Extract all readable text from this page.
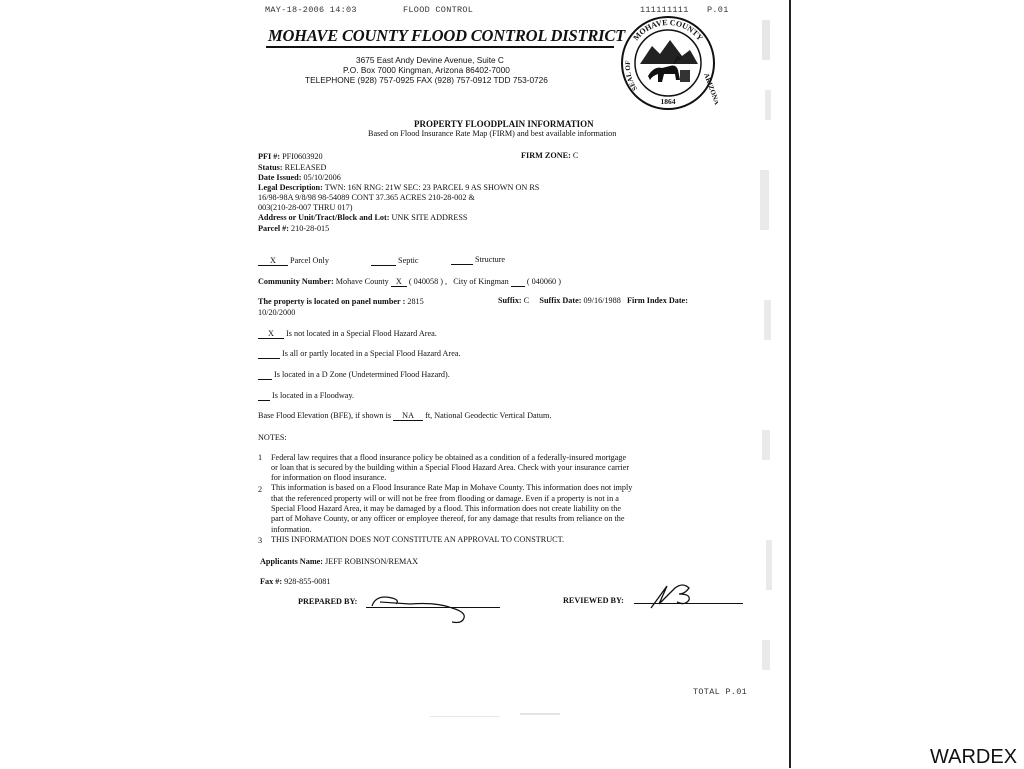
MAY-18-2006 14:03	FLOOD CONTROL	111111111 P.01
MOHAVE COUNTY FLOOD CONTROL DISTRICT
3675 East Andy Devine Avenue, Suite C
P.O. Box 7000 Kingman, Arizona 86402-7000
TELEPHONE (928) 757-0925 FAX (928) 757-0912 TDD 753-0726
MOHAVE COUNTY
SEAL OF
ARIZONA
1864
PROPERTY FLOODPLAIN INFORMATION
Based on Flood Insurance Rate Map (FIRM) and best available information
PFI #: PFI0603920	FIRM ZONE: C
Status: RELEASED
Date Issued: 05/10/2006
Legal Description: TWN: 16N RNG: 21W SEC: 23 PARCEL 9 AS SHOWN ON RS
16/98-98A 9/8/98 98-54089 CONT 37.365 ACRES 210-28-002 &
003(210-28-007 THRU 017)
Address or Unit/Tract/Block and Lot: UNK SITE ADDRESS
Parcel #: 210-28-015
X Parcel Only	Septic	Structure
Community Number: Mohave County X ( 040058 ) , City of Kingman ( 040060 )
The property is located on panel number : 2815	Suffix: C Suffix Date: 09/16/1988 Firm Index Date:
10/20/2000
X Is not located in a Special Flood Hazard Area.
Is all or partly located in a Special Flood Hazard Area.
Is located in a D Zone (Undetermined Flood Hazard).
Is located in a Floodway.
Base Flood Elevation (BFE), if shown is NA ft, National Geodectic Vertical Datum.
NOTES:
1 Federal law requires that a flood insurance policy be obtained as a condition of a federally-insured mortgage
or loan that is secured by the building within a Special Flood Hazard Area. Check with your insurance carrier
for information on flood insurance.
2 This information is based on a Flood Insurance Rate Map in Mohave County. This information does not imply
that the referenced property will or will not be free from flooding or damage. Even if a property is not in a
Special Flood Hazard Area, it may be damaged by a flood. This information does not create liability on the
part of Mohave County, or any officer or employee thereof, for any damage that results from reliance on the
information.
3 THIS INFORMATION DOES NOT CONSTITUTE AN APPROVAL TO CONSTRUCT.
Applicants Name: JEFF ROBINSON/REMAX
Fax #: 928-855-0081
PREPARED BY:	REVIEWED BY:
TOTAL P.01
WARDEX
